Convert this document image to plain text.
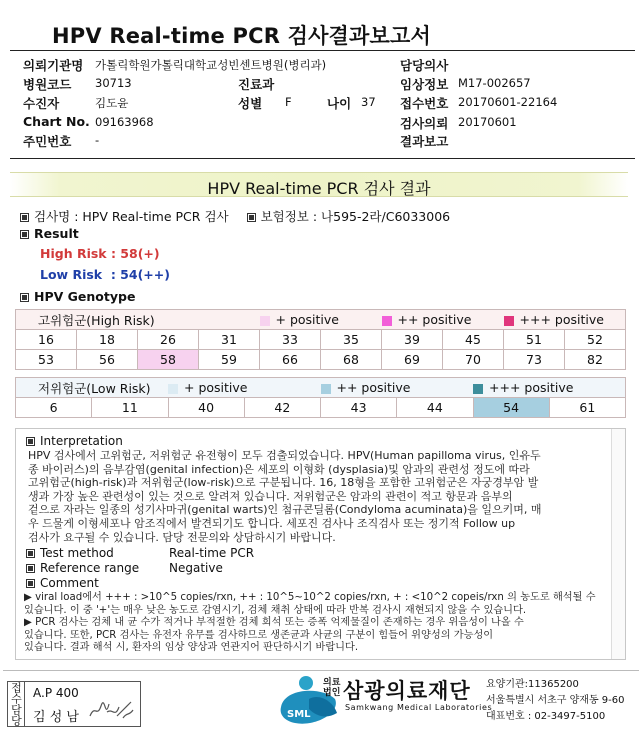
HPV Real-time PCR 검사결과보고서
의뢰기관명 가톨릭학원가톨릭대학교성빈센트병원(병리과)
병원코드 30713
수진자	김도윤
Chart No. 09163968
주민번호 -
진료과
성별 F	나이 37
담당의사
임상정보 M17-002657
접수번호 20170601-22164
검사의뢰 20170601
결과보고
HPV Real-time PCR 검사 결과
검사명 : HPV Real-time PCR 검사	보험정보 : 나595-2라/C6033006
Result
High Risk : 58(+)
Low Risk  : 54(++)
HPV Genotype
고위험군(High Risk)				+ positive		++ positive		+++ positive	
16	18	26	31	33	35	39	45	51	52
53	56	58	59	66	68	69	70	73	82
저위험군(Low Risk)		+ positive		++ positive		+++ positive	
6	11	40	42	43	44	54	61
Interpretation
HPV 검사에서 고위험군, 저위험군 유전형이 모두 검출되었습니다. HPV(Human papilloma virus, 인유두
종 바이러스)의 음부감염(genital infection)은 세포의 이형화 (dysplasia)및 암과의 관련성 정도에 따라
고위험군(high-risk)과 저위험군(low-risk)으로 구분됩니다. 16, 18형을 포함한 고위험군은 자궁경부암 발
생과 가장 높은 관련성이 있는 것으로 알려져 있습니다. 저위험군은 암과의 관련이 적고 항문과 음부의
겉으로 자라는 일종의 성기사마귀(genital warts)인 첨규콘딜롬(Condyloma acuminata)을 일으키며, 매
우 드물게 이형세포나 암조직에서 발견되기도 합니다. 세포진 검사나 조직검사 또는 정기적 Follow up
검사가 요구될 수 있습니다. 담당 전문의와 상담하시기 바랍니다.
Test method	Real-time PCR
Reference range Negative
Comment
▶ viral load에서 +++ : >10^5 copies/rxn, ++ : 10^5~10^2 copies/rxn, + : <10^2 copeis/rxn 의 농도로 해석될 수
있습니다. 이 중 '+'는 매우 낮은 농도로 감염시기, 검체 채취 상태에 따라 반복 검사시 재현되지 않을 수 있습니다.
▶ PCR 검사는 검체 내 균 수가 적거나 부적절한 검체 희석 또는 증폭 억제물질이 존재하는 경우 위음성이 나올 수
있습니다. 또한, PCR 검사는 유전자 유무를 검사하므로 생존균과 사균의 구분이 힘들어 위양성의 가능성이
있습니다. 결과 해석 시, 환자의 임상 양상과 연관지어 판단하시기 바랍니다.
접수담당 A.P 400
김 성 남	SML
의료
법인 삼광의료재단
Samkwang Medical Laboratories
요양기관:11365200
서울특별시 서초구 양재동 9-60
대표번호 : 02-3497-5100
